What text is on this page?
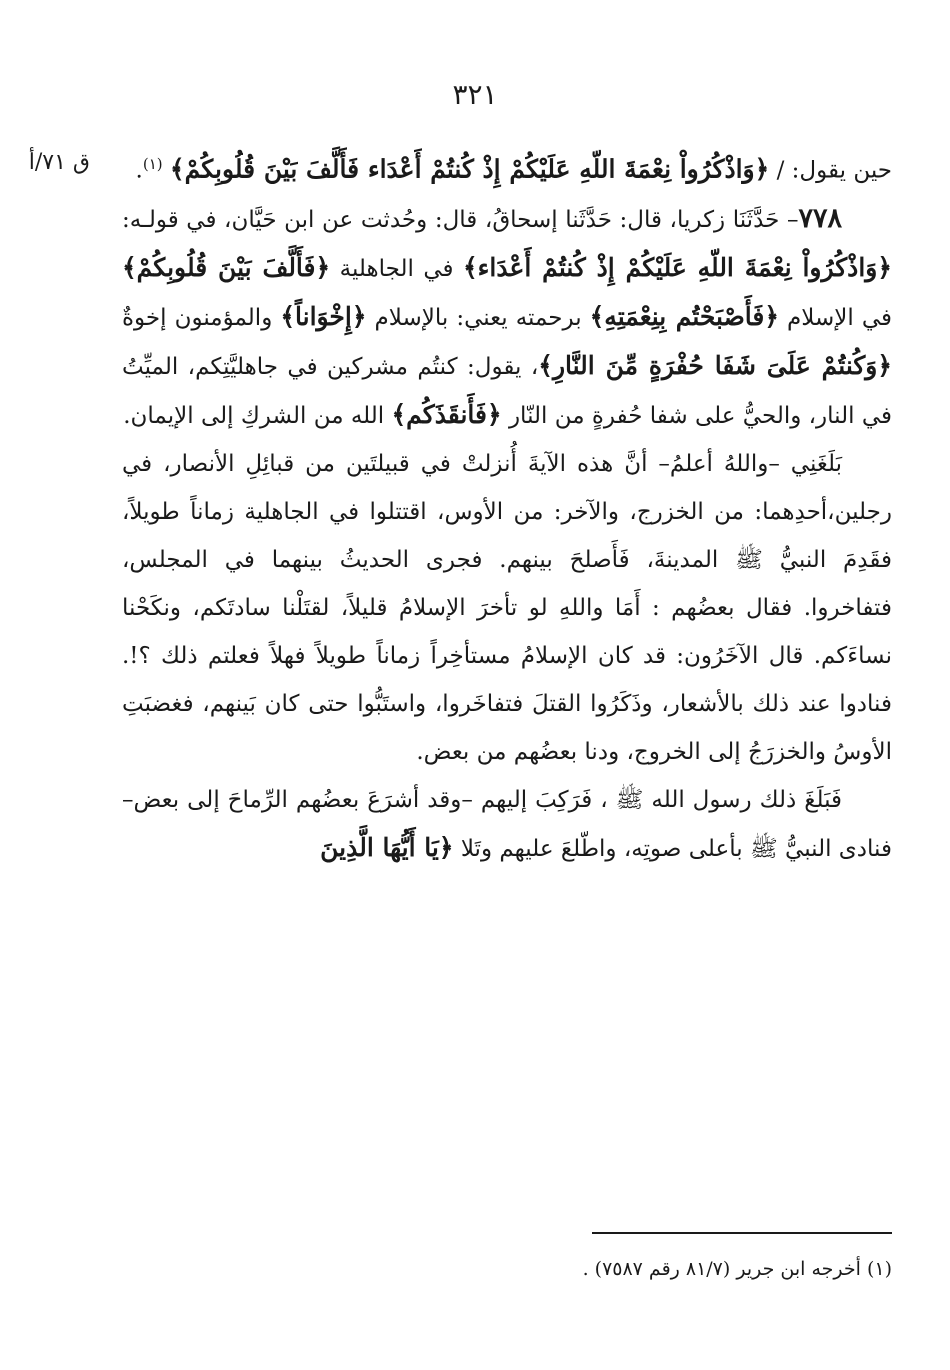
٣٢١
ق ٧١/أ	حين يقول: / ﴿وَاذْكُرُواْ نِعْمَةَ اللّهِ عَلَيْكُمْ إِذْ كُنتُمْ أَعْدَاء فَأَلَّفَ بَيْنَ قُلُوبِكُمْ﴾ $^{(١)}$.

٧٧٨– حَدَّثَنَا زكريا، قال: حَدَّثَنا إسحاقُ، قال: وحُدثت عن ابن حَيَّان، في قولـه: ﴿وَاذْكُرُواْ نِعْمَةَ اللّهِ عَلَيْكُمْ إِذْ كُنتُمْ أَعْدَاء﴾ في الجاهلية ﴿فَأَلَّفَ بَيْنَ قُلُوبِكُمْ﴾ في الإسلام ﴿فَأَصْبَحْتُم بِنِعْمَتِهِ﴾ برحمته يعني: بالإسلام ﴿إِخْوَاناً﴾ والمؤمنون إخوةٌ ﴿وَكُنتُمْ عَلَىَ شَفَا حُفْرَةٍ مِّنَ النَّارِ﴾، يقول: كنتُم مشركين في جاهليَّتِكم، الميِّتُ في النار، والحيُّ على شفا حُفرةٍ من النّار ﴿فَأَنقَذَكُم﴾ الله من الشركِ إلى الإيمان.

بَلَغَنِي –واللهُ أعلمُ– أنَّ هذه الآيةَ أُنزلتْ في قبيلتَين من قبائِلِ الأنصار، في رجلين،أحدِهما: من الخزرج، والآخر: من الأوس، اقتتلوا في الجاهلية زماناً طويلاً، فقَدِمَ النبيُّ ﷺ المدينةَ، فَأَصلحَ بينهم. فجرى الحديثُ بينهما في المجلس، فتفاخروا. فقال بعضُهم : أَمَا واللهِ لو تأخرَ الإسلامُ قليلاً، لقتَلْنا سادتَكم، ونكَحْنا نساءَكم. قال الآخَرُون: قد كان الإسلامُ مستأخِراً زماناً طويلاً فهلاً فعلتم ذلك ؟!. فنادوا عند ذلك بالأشعار، وذَكَرُوا القتلَ فتفاخَروا، واستَبُّوا حتى كان بَينهم، فغضبَتِ الأوسُ والخزرَجُ إلى الخروج، ودنا بعضُهم من بعض.

فَبَلَغَ ذلك رسول الله ﷺ ، فَرَكِبَ إليهم –وقد أشرَعَ بعضُهم الرِّماحَ إلى بعض– فنادى النبيُّ ﷺ بأعلى صوتِه، واطّلعَ عليهم وتَلا ﴿يَا أَيُّهَا الَّذِينَ

(١) أخرجه ابن جرير (٨١/٧ رقم ٧٥٨٧) .
